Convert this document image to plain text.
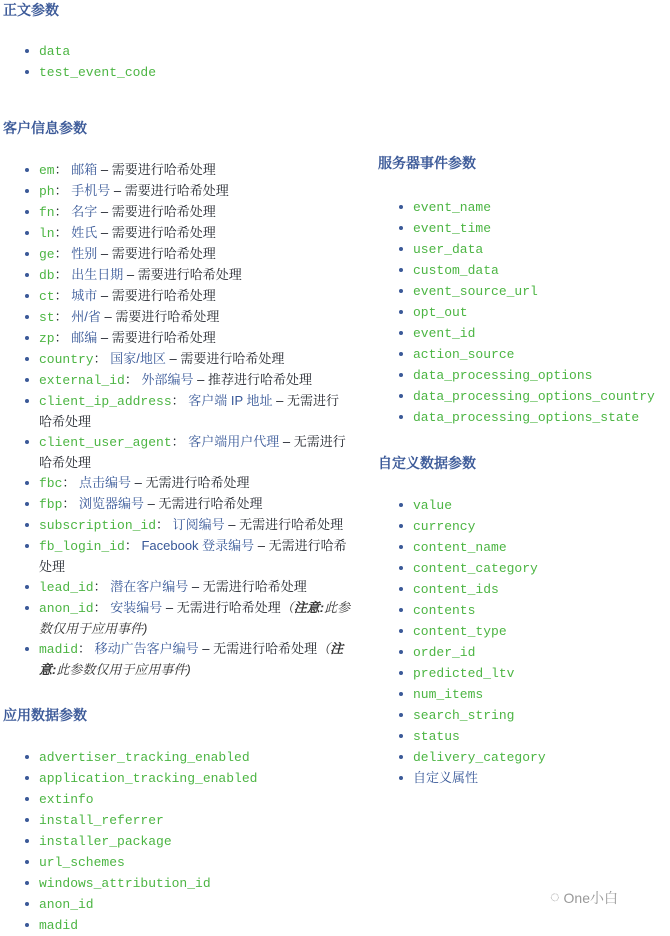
正文参数
data
test_event_code
客户信息参数
em： 邮箱 – 需要进行哈希处理
ph： 手机号 – 需要进行哈希处理
fn： 名字 – 需要进行哈希处理
ln： 姓氏 – 需要进行哈希处理
ge： 性别 – 需要进行哈希处理
db： 出生日期 – 需要进行哈希处理
ct： 城市 – 需要进行哈希处理
st： 州/省 – 需要进行哈希处理
zp： 邮编 – 需要进行哈希处理
country： 国家/地区 – 需要进行哈希处理
external_id： 外部编号 – 推荐进行哈希处理
client_ip_address： 客户端 IP 地址 – 无需进行哈希处理
client_user_agent： 客户端用户代理 – 无需进行哈希处理
fbc： 点击编号 – 无需进行哈希处理
fbp： 浏览器编号 – 无需进行哈希处理
subscription_id： 订阅编号 – 无需进行哈希处理
fb_login_id： Facebook 登录编号 – 无需进行哈希处理
lead_id： 潜在客户编号 – 无需进行哈希处理
anon_id： 安装编号 – 无需进行哈希处理（注意:此参数仅用于应用事件)
madid： 移动广告客户编号 – 无需进行哈希处理（注意:此参数仅用于应用事件)
应用数据参数
advertiser_tracking_enabled
application_tracking_enabled
extinfo
install_referrer
installer_package
url_schemes
windows_attribution_id
anon_id
madid
服务器事件参数
event_name
event_time
user_data
custom_data
event_source_url
opt_out
event_id
action_source
data_processing_options
data_processing_options_country
data_processing_options_state
自定义数据参数
value
currency
content_name
content_category
content_ids
contents
content_type
order_id
predicted_ltv
num_items
search_string
status
delivery_category
自定义属性
◌ One小白
